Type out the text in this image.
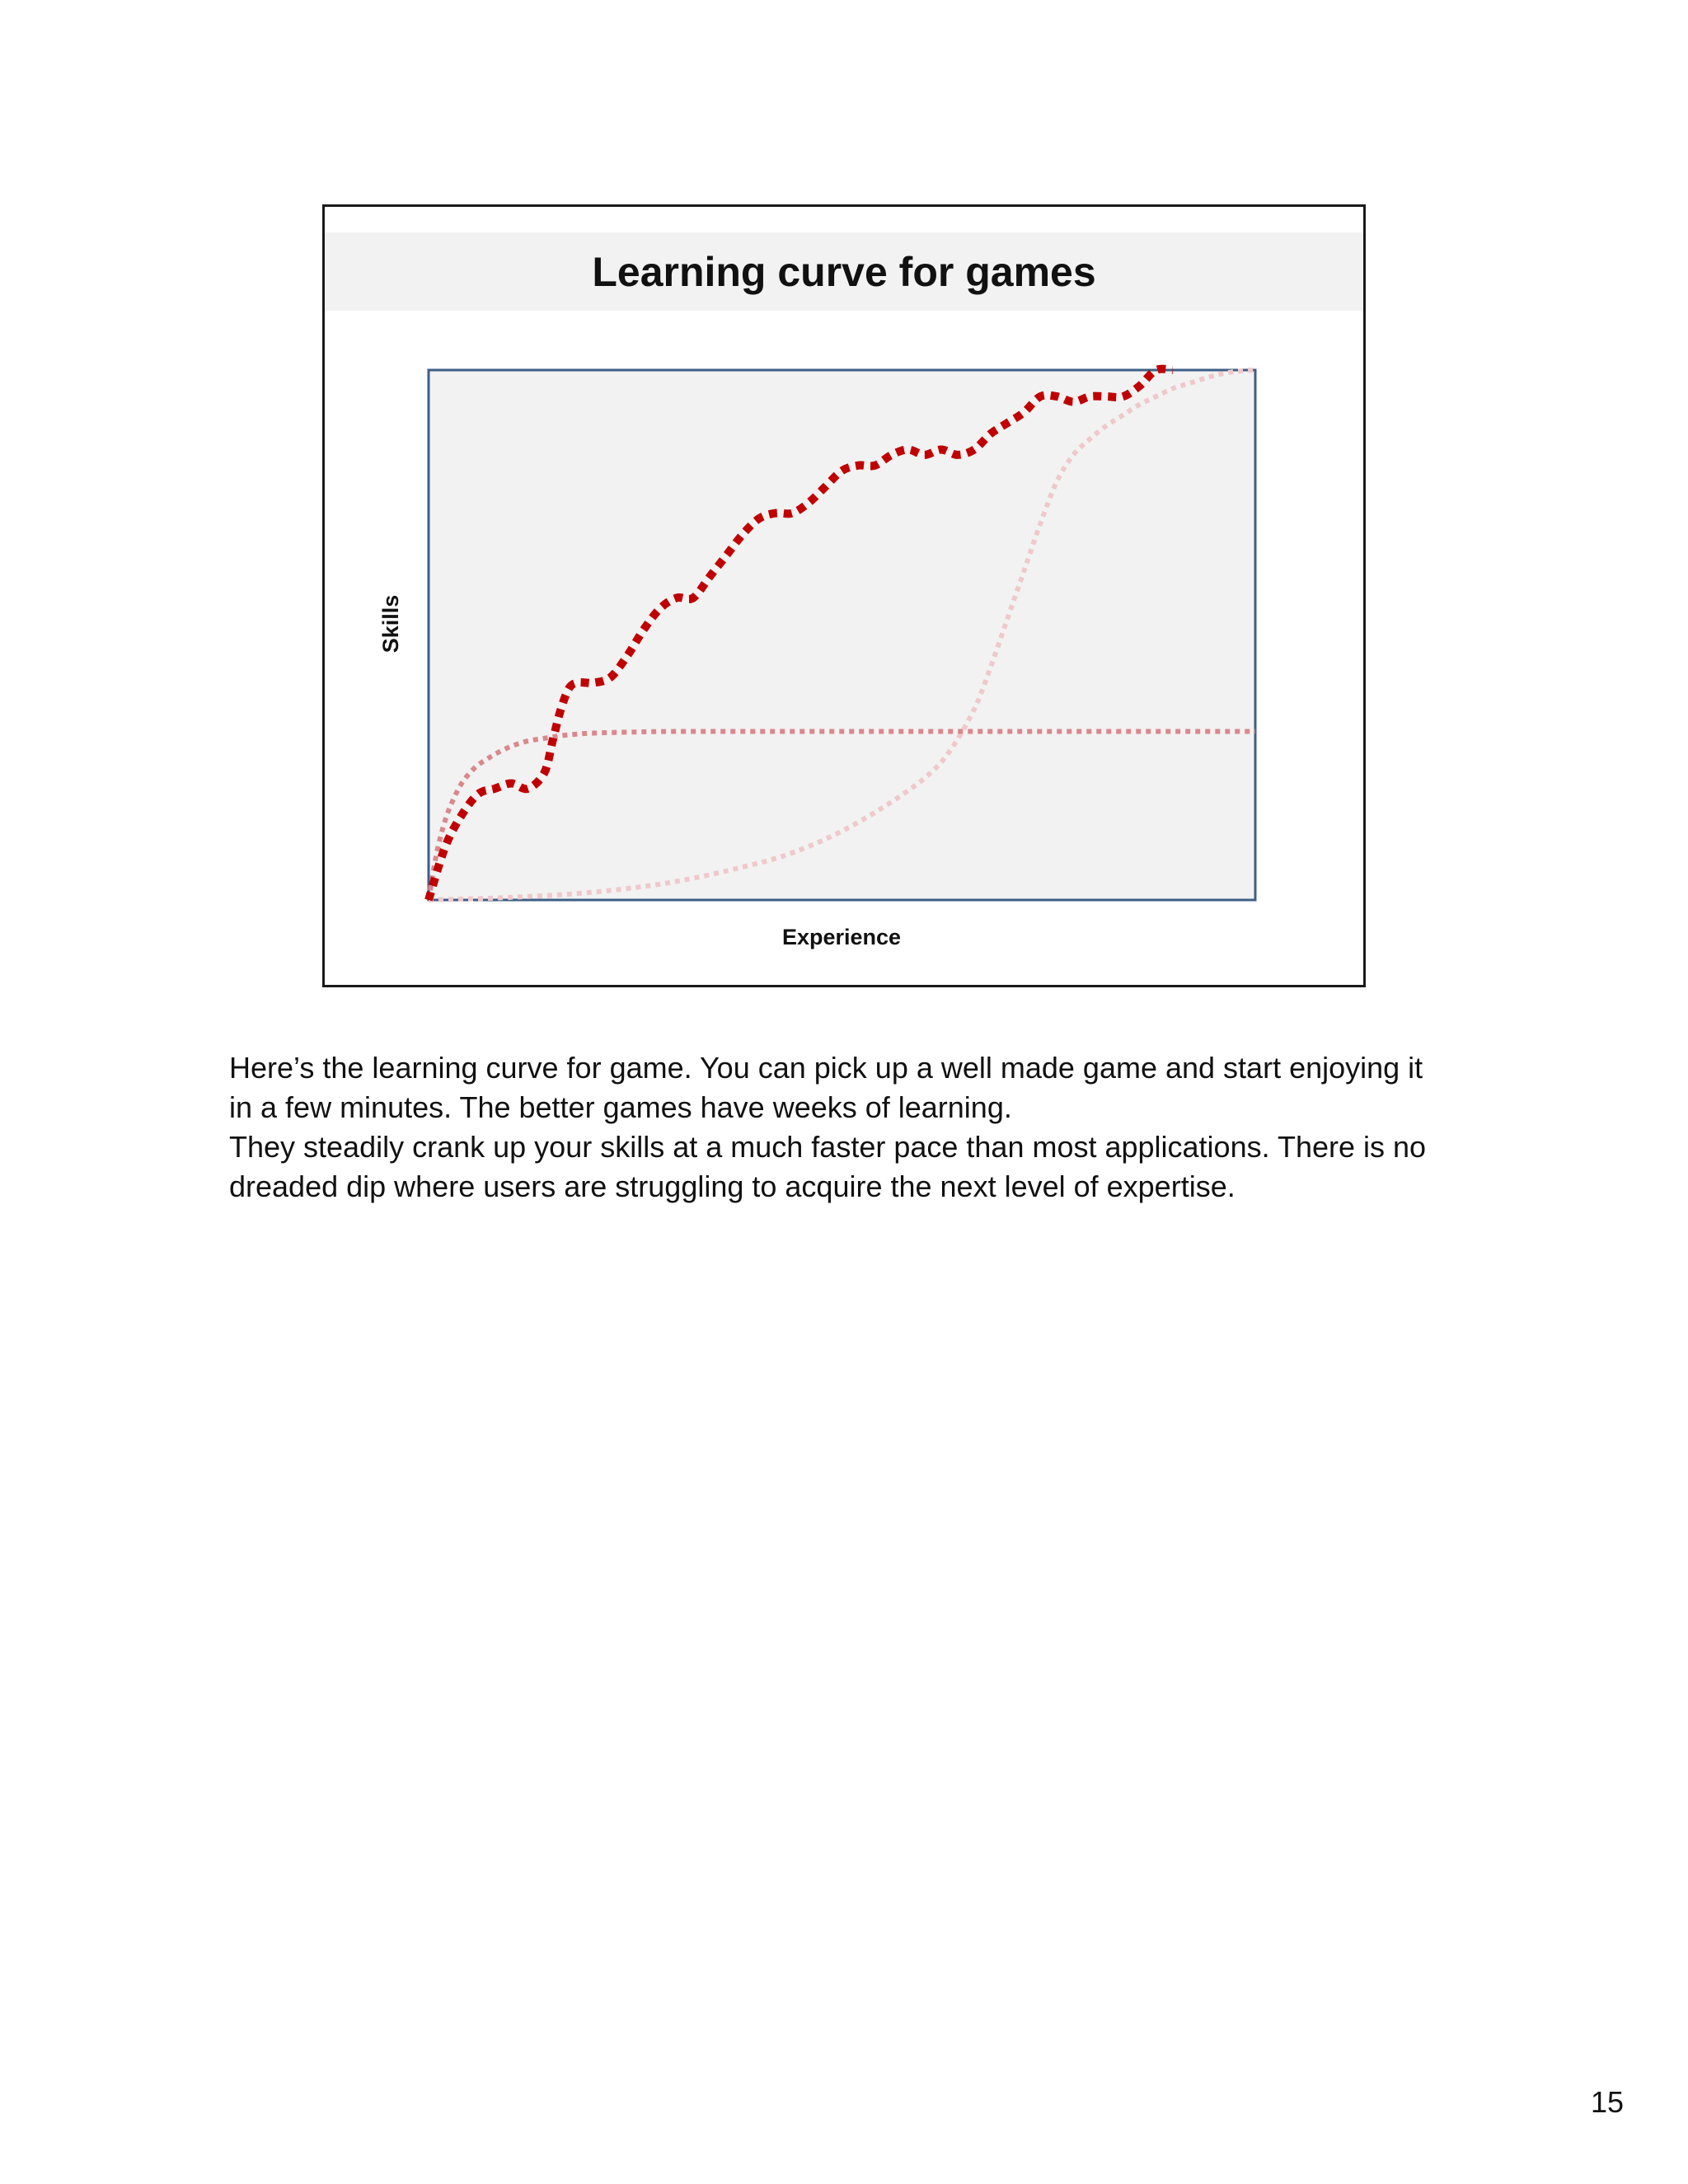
Learning curve for games
Experience
Skills

Here’s the learning curve for game. You can pick up a well made game and start enjoying it

in a few minutes. The better games have weeks of learning.

They steadily crank up your skills at a much faster pace than most applications. There is no

dreaded dip where users are struggling to acquire the next level of expertise.

15
